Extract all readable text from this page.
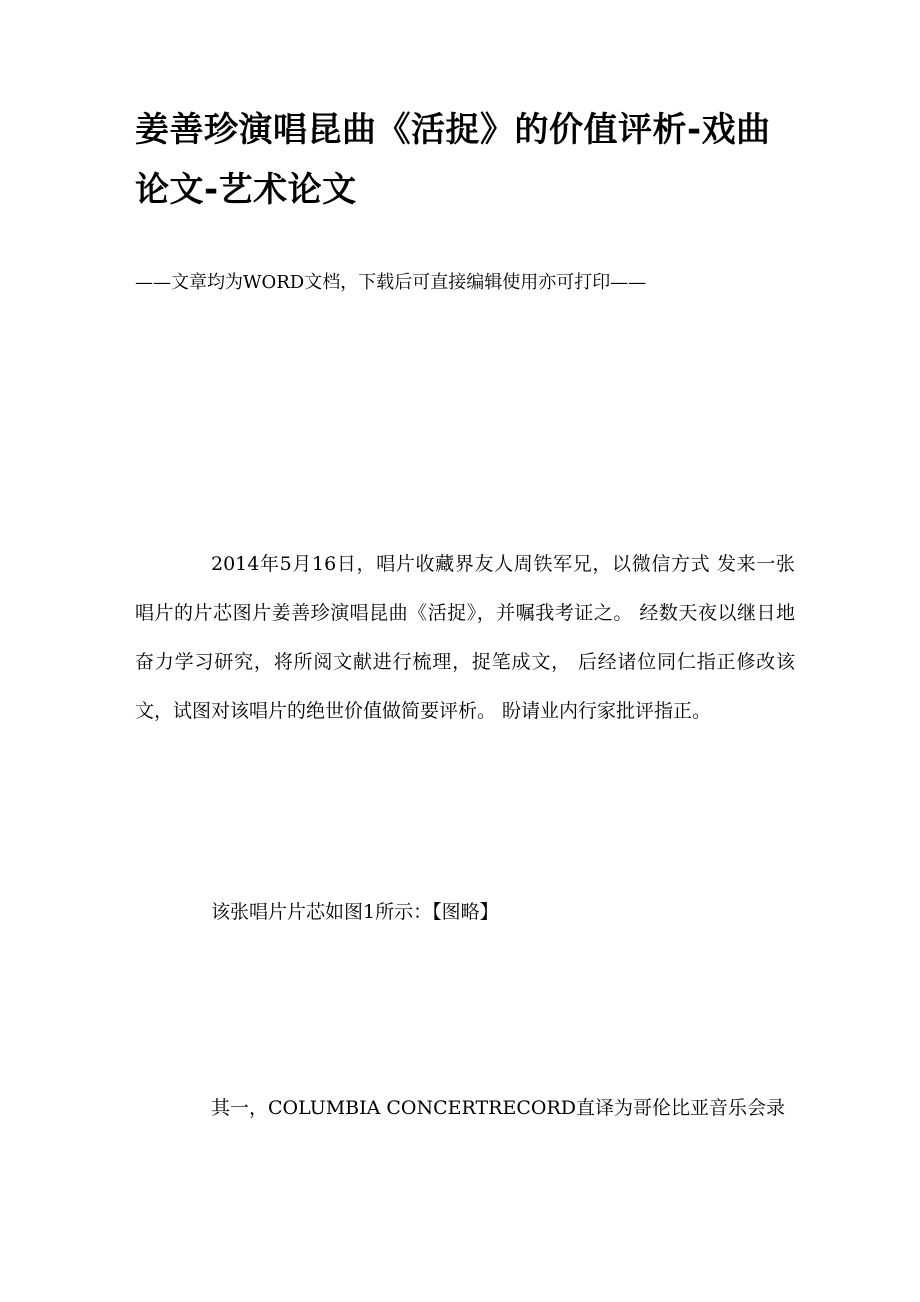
姜善珍演唱昆曲《活捉》的价值评析-戏曲论文-艺术论文
——文章均为WORD文档，下载后可直接编辑使用亦可打印——
2014年5月16日，唱片收藏界友人周铁军兄，以微信方式 发来一张唱片的片芯图片姜善珍演唱昆曲《活捉》，并嘱我考证之。 经数天夜以继日地奋力学习研究，将所阅文献进行梳理，捉笔成文， 后经诸位同仁指正修改该文，试图对该唱片的绝世价值做简要评析。 盼请业内行家批评指正。
该张唱片片芯如图1所示：【图略】
其一，COLUMBIA CONCERTRECORD直译为哥伦比亚音乐会录
